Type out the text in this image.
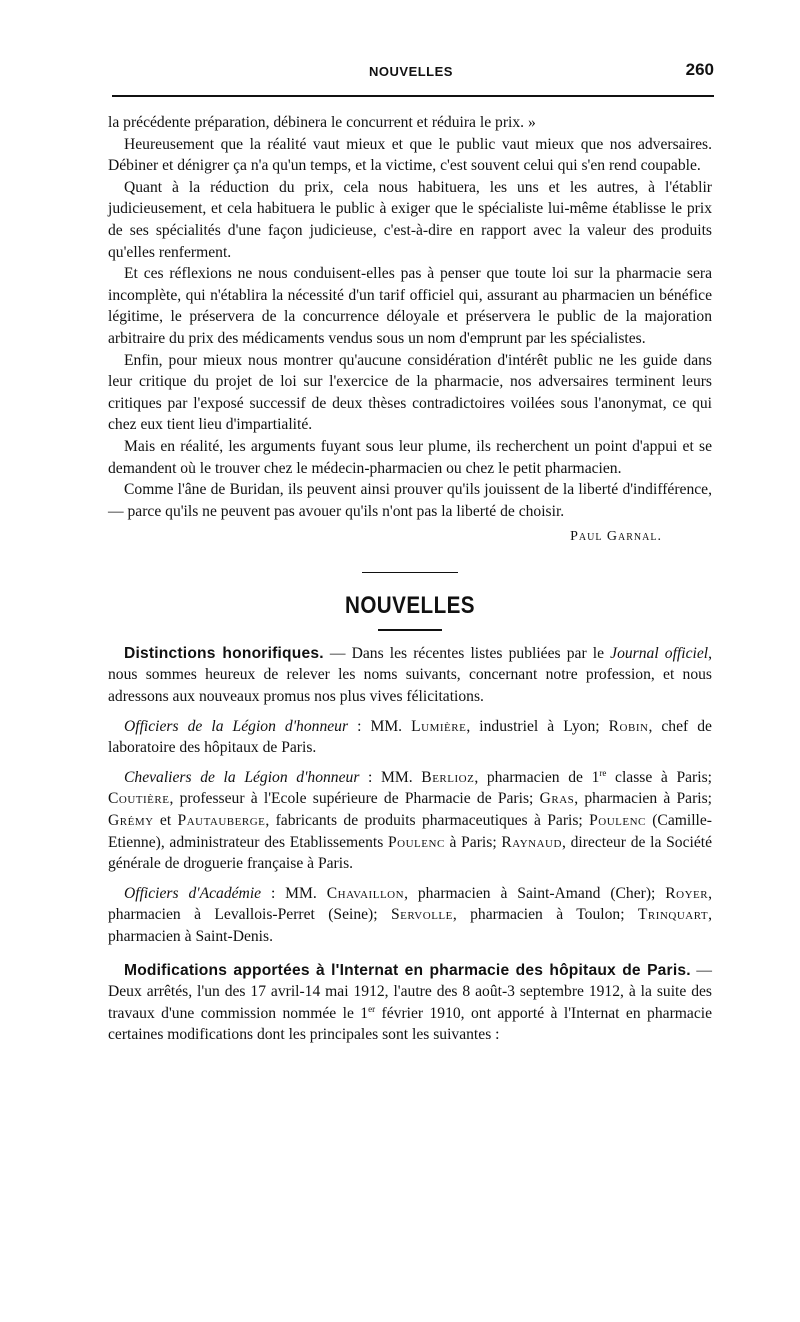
NOUVELLES	260

la précédente préparation, débinera le concurrent et réduira le prix. »

Heureusement que la réalité vaut mieux et que le public vaut mieux que nos adversaires. Débiner et dénigrer ça n'a qu'un temps, et la victime, c'est souvent celui qui s'en rend coupable.

Quant à la réduction du prix, cela nous habituera, les uns et les autres, à l'établir judicieusement, et cela habituera le public à exiger que le spécialiste lui-même établisse le prix de ses spécialités d'une façon judicieuse, c'est-à-dire en rapport avec la valeur des produits qu'elles renferment.

Et ces réflexions ne nous conduisent-elles pas à penser que toute loi sur la pharmacie sera incomplète, qui n'établira la nécessité d'un tarif officiel qui, assurant au pharmacien un bénéfice légitime, le préservera de la concurrence déloyale et préservera le public de la majoration arbitraire du prix des médicaments vendus sous un nom d'emprunt par les spécialistes.

Enfin, pour mieux nous montrer qu'aucune considération d'intérêt public ne les guide dans leur critique du projet de loi sur l'exercice de la pharmacie, nos adversaires terminent leurs critiques par l'exposé successif de deux thèses contradictoires voilées sous l'anonymat, ce qui chez eux tient lieu d'impartialité.

Mais en réalité, les arguments fuyant sous leur plume, ils recherchent un point d'appui et se demandent où le trouver chez le médecin-pharmacien ou chez le petit pharmacien.

Comme l'âne de Buridan, ils peuvent ainsi prouver qu'ils jouissent de la liberté d'indifférence, — parce qu'ils ne peuvent pas avouer qu'ils n'ont pas la liberté de choisir.

Paul Garnal.

NOUVELLES

Distinctions honorifiques. — Dans les récentes listes publiées par le Journal officiel, nous sommes heureux de relever les noms suivants, concernant notre profession, et nous adressons aux nouveaux promus nos plus vives félicitations.

Officiers de la Légion d'honneur : MM. Lumière, industriel à Lyon; Robin, chef de laboratoire des hôpitaux de Paris.

Chevaliers de la Légion d'honneur : MM. Berlioz, pharmacien de 1re classe à Paris; Coutière, professeur à l'Ecole supérieure de Pharmacie de Paris; Gras, pharmacien à Paris; Grémy et Pautauberge, fabricants de produits pharmaceutiques à Paris; Poulenc (Camille-Etienne), administrateur des Etablissements Poulenc à Paris; Raynaud, directeur de la Société générale de droguerie française à Paris.

Officiers d'Académie : MM. Chavaillon, pharmacien à Saint-Amand (Cher); Royer, pharmacien à Levallois-Perret (Seine); Servolle, pharmacien à Toulon; Trinquart, pharmacien à Saint-Denis.

Modifications apportées à l'Internat en pharmacie des hôpitaux de Paris. — Deux arrêtés, l'un des 17 avril-14 mai 1912, l'autre des 8 août-3 septembre 1912, à la suite des travaux d'une commission nommée le 1er février 1910, ont apporté à l'Internat en pharmacie certaines modifications dont les principales sont les suivantes :
